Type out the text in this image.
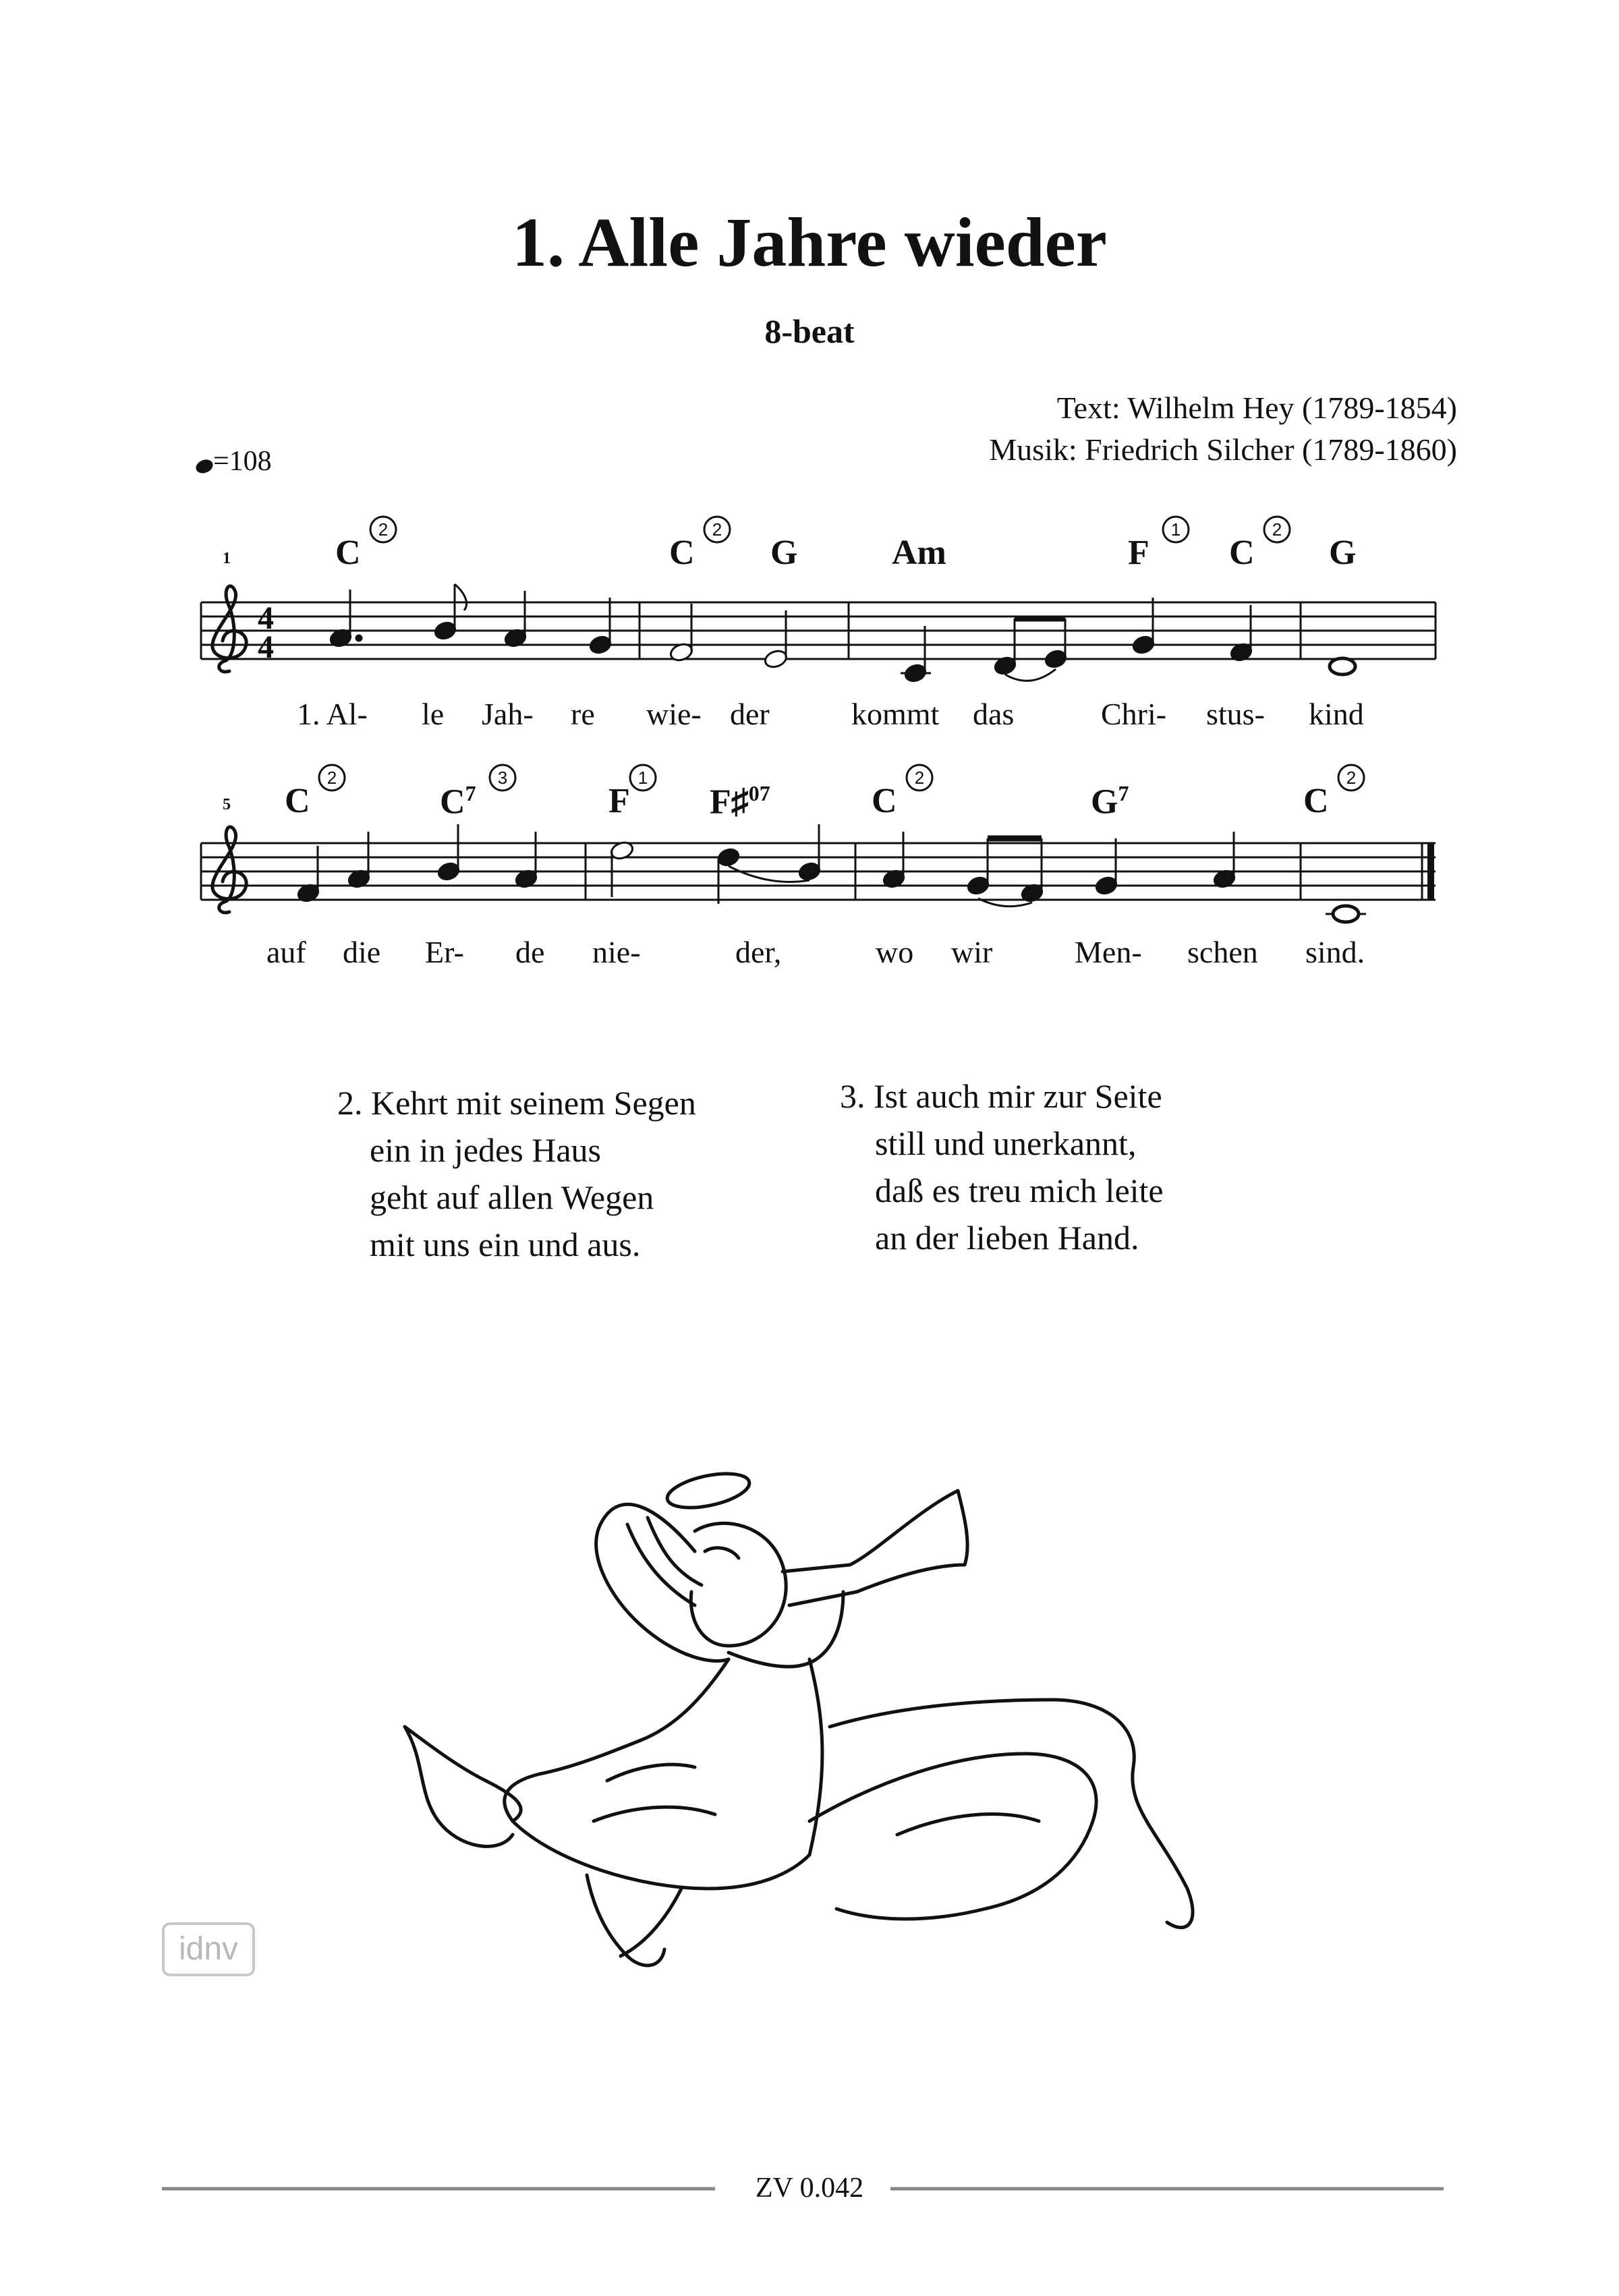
1. Alle Jahre wieder
8-beat
Text: Wilhelm Hey (1789-1854)
Musik: Friedrich Silcher (1789-1860)
=108
1	C	C G	Am	F C G
5 C	$C^7$	F F♯$^{07}$	C	$G^7$	C
4
4
2	2	1	2
2	3	1	2	2
1. Al- le Jah- re wie- der	kommt das	Chri- stus- kind
auf die Er- de nie-	der,	wo wir	Men- schen sind.
2. Kehrt mit seinem Segen
ein in jedes Haus
geht auf allen Wegen
mit uns ein und aus.
3. Ist auch mir zur Seite
still und unerkannt,
daß es treu mich leite
an der lieben Hand.
idnv
ZV 0.042
